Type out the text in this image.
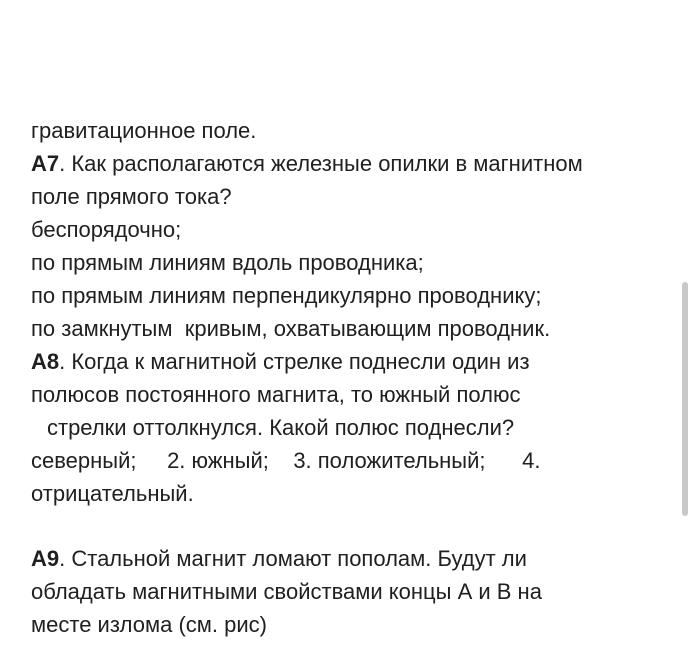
гравитационное поле.
А7. Как располагаются железные опилки в магнитном
поле прямого тока?
беспорядочно;
по прямым линиям вдоль проводника;
по прямым линиям перпендикулярно проводнику;
по замкнутым  кривым, охватывающим проводник.
А8. Когда к магнитной стрелке поднесли один из
полюсов постоянного магнита, то южный полюс
стрелки оттолкнулся. Какой полюс поднесли?
северный;     2. южный;    3. положительный;      4.
отрицательный.
А9. Стальной магнит ломают пополам. Будут ли
обладать магнитными свойствами концы А и В на
месте излома (см. рис)
